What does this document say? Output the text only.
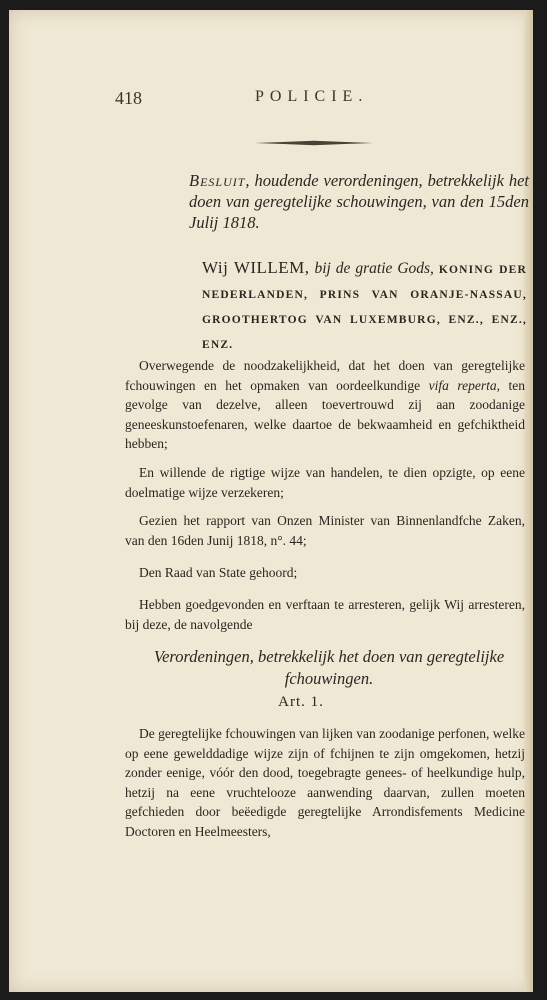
418	POLICIE.
Besluit, houdende verordeningen, betrekkelijk het doen van geregtelijke schouwingen, van den 15den Julij 1818.
Wij WILLEM, bij de gratie Gods, KONING DER NEDERLANDEN, PRINS VAN ORANJE-NASSAU, GROOTHERTOG VAN LUXEMBURG, ENZ., ENZ., ENZ.
Overwegende de noodzakelijkheid, dat het doen van geregtelijke fchouwingen en het opmaken van oordeelkundige vifa reperta, ten gevolge van dezelve, alleen toevertrouwd zij aan zoodanige geneeskunstoefenaren, welke daartoe de bekwaamheid en gefchiktheid hebben;
En willende de rigtige wijze van handelen, te dien opzigte, op eene doelmatige wijze verzekeren;
Gezien het rapport van Onzen Minister van Binnenlandfche Zaken, van den 16den Junij 1818, n°. 44;
Den Raad van State gehoord;
Hebben goedgevonden en verftaan te arresteren, gelijk Wij arresteren, bij deze, de navolgende
Verordeningen, betrekkelijk het doen van geregtelijke fchouwingen.
Art. 1.
De geregtelijke fchouwingen van lijken van zoodanige perfonen, welke op eene gewelddadige wijze zijn of fchijnen te zijn omgekomen, hetzij zonder eenige, vóór den dood, toegebragte genees- of heelkundige hulp, hetzij na eene vruchtelooze aanwending daarvan, zullen moeten gefchieden door beëedigde geregtelijke Arrondisfements Medicine Doctoren en Heelmeesters,
